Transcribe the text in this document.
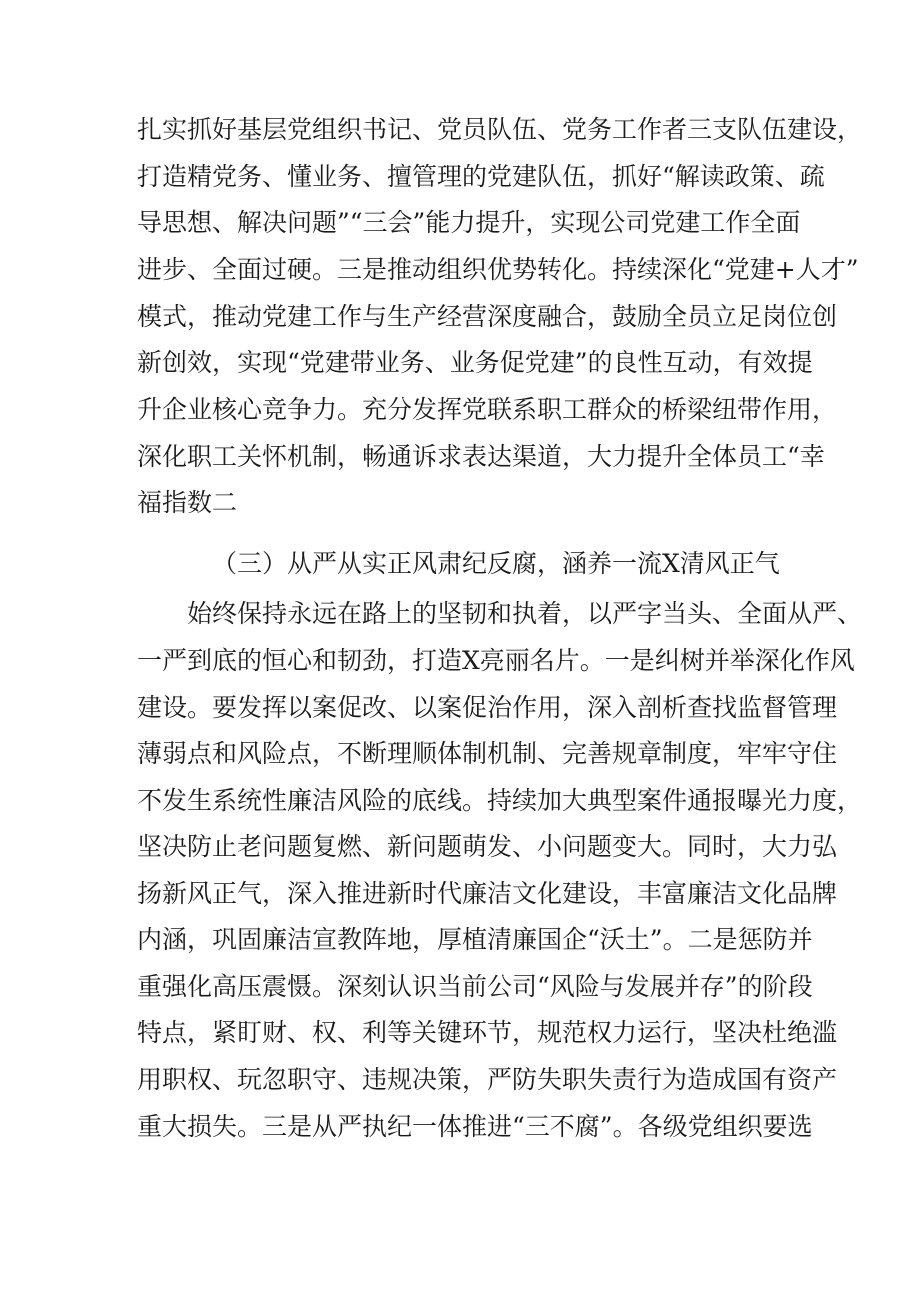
扎实抓好基层党组织书记、党员队伍、党务工作者三支队伍建设，
打造精党务、懂业务、擅管理的党建队伍，抓好“解读政策、疏
导思想、解决问题”“三会”能力提升，实现公司党建工作全面
进步、全面过硬。三是推动组织优势转化。持续深化“党建+人才”
模式，推动党建工作与生产经营深度融合，鼓励全员立足岗位创
新创效，实现“党建带业务、业务促党建”的良性互动，有效提
升企业核心竞争力。充分发挥党联系职工群众的桥梁纽带作用，
深化职工关怀机制，畅通诉求表达渠道，大力提升全体员工“幸
福指数二
（三）从严从实正风肃纪反腐，涵养一流X清风正气
始终保持永远在路上的坚韧和执着，以严字当头、全面从严、
一严到底的恒心和韧劲，打造X亮丽名片。一是纠树并举深化作风
建设。要发挥以案促改、以案促治作用，深入剖析查找监督管理
薄弱点和风险点，不断理顺体制机制、完善规章制度，牢牢守住
不发生系统性廉洁风险的底线。持续加大典型案件通报曝光力度，
坚决防止老问题复燃、新问题萌发、小问题变大。同时，大力弘
扬新风正气，深入推进新时代廉洁文化建设，丰富廉洁文化品牌
内涵，巩固廉洁宣教阵地，厚植清廉国企“沃土”。二是惩防并
重强化高压震慑。深刻认识当前公司“风险与发展并存”的阶段
特点，紧盯财、权、利等关键环节，规范权力运行，坚决杜绝滥
用职权、玩忽职守、违规决策，严防失职失责行为造成国有资产
重大损失。三是从严执纪一体推进“三不腐”。各级党组织要选
